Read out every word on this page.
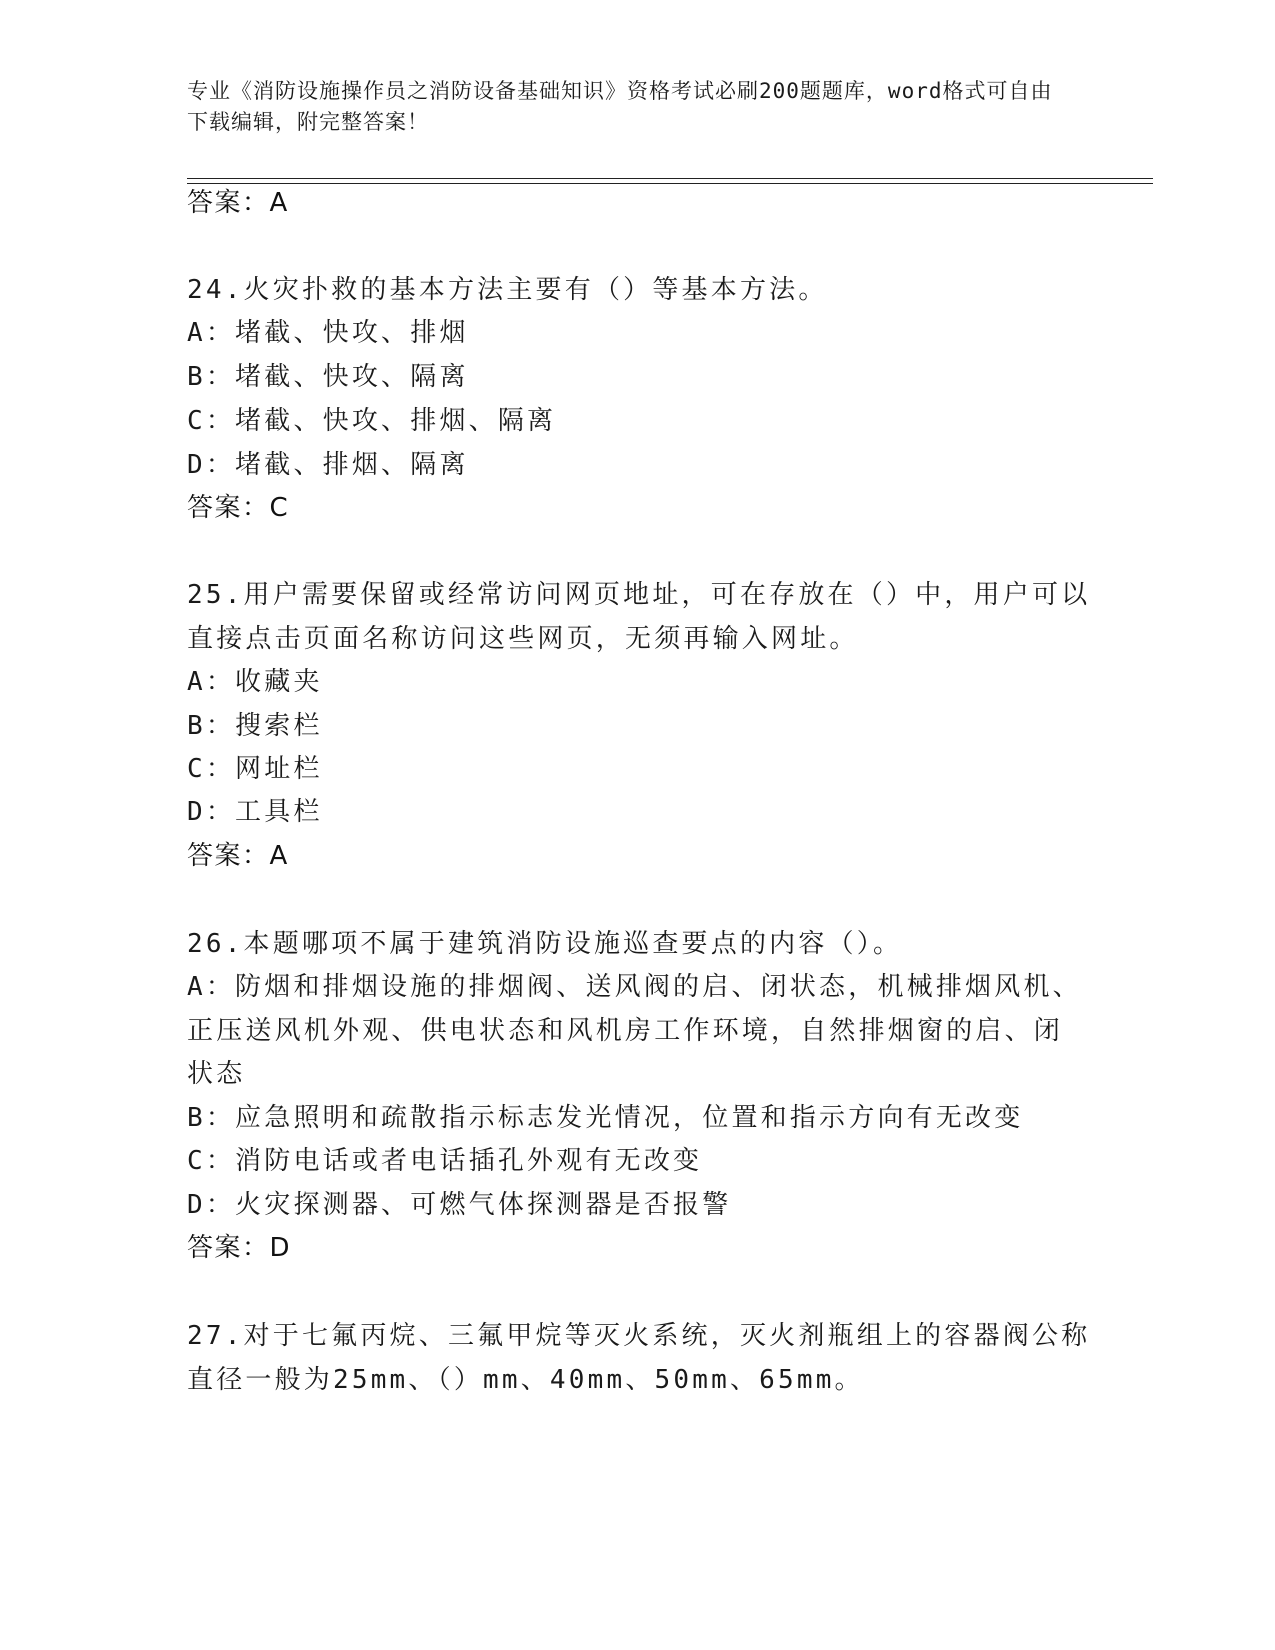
专业《消防设施操作员之消防设备基础知识》资格考试必刷200题题库，word格式可自由下载编辑，附完整答案！
答案：A
24.火灾扑救的基本方法主要有（）等基本方法。
A：堵截、快攻、排烟
B：堵截、快攻、隔离
C：堵截、快攻、排烟、隔离
D：堵截、排烟、隔离
答案：C
25.用户需要保留或经常访问网页地址，可在存放在（）中，用户可以
直接点击页面名称访问这些网页，无须再输入网址。
A：收藏夹
B：搜索栏
C：网址栏
D：工具栏
答案：A
26.本题哪项不属于建筑消防设施巡查要点的内容（）。
A：防烟和排烟设施的排烟阀、送风阀的启、闭状态，机械排烟风机、
正压送风机外观、供电状态和风机房工作环境，自然排烟窗的启、闭
状态
B：应急照明和疏散指示标志发光情况，位置和指示方向有无改变
C：消防电话或者电话插孔外观有无改变
D：火灾探测器、可燃气体探测器是否报警
答案：D
27.对于七氟丙烷、三氟甲烷等灭火系统，灭火剂瓶组上的容器阀公称
直径一般为25mm、（）mm、40mm、50mm、65mm。
